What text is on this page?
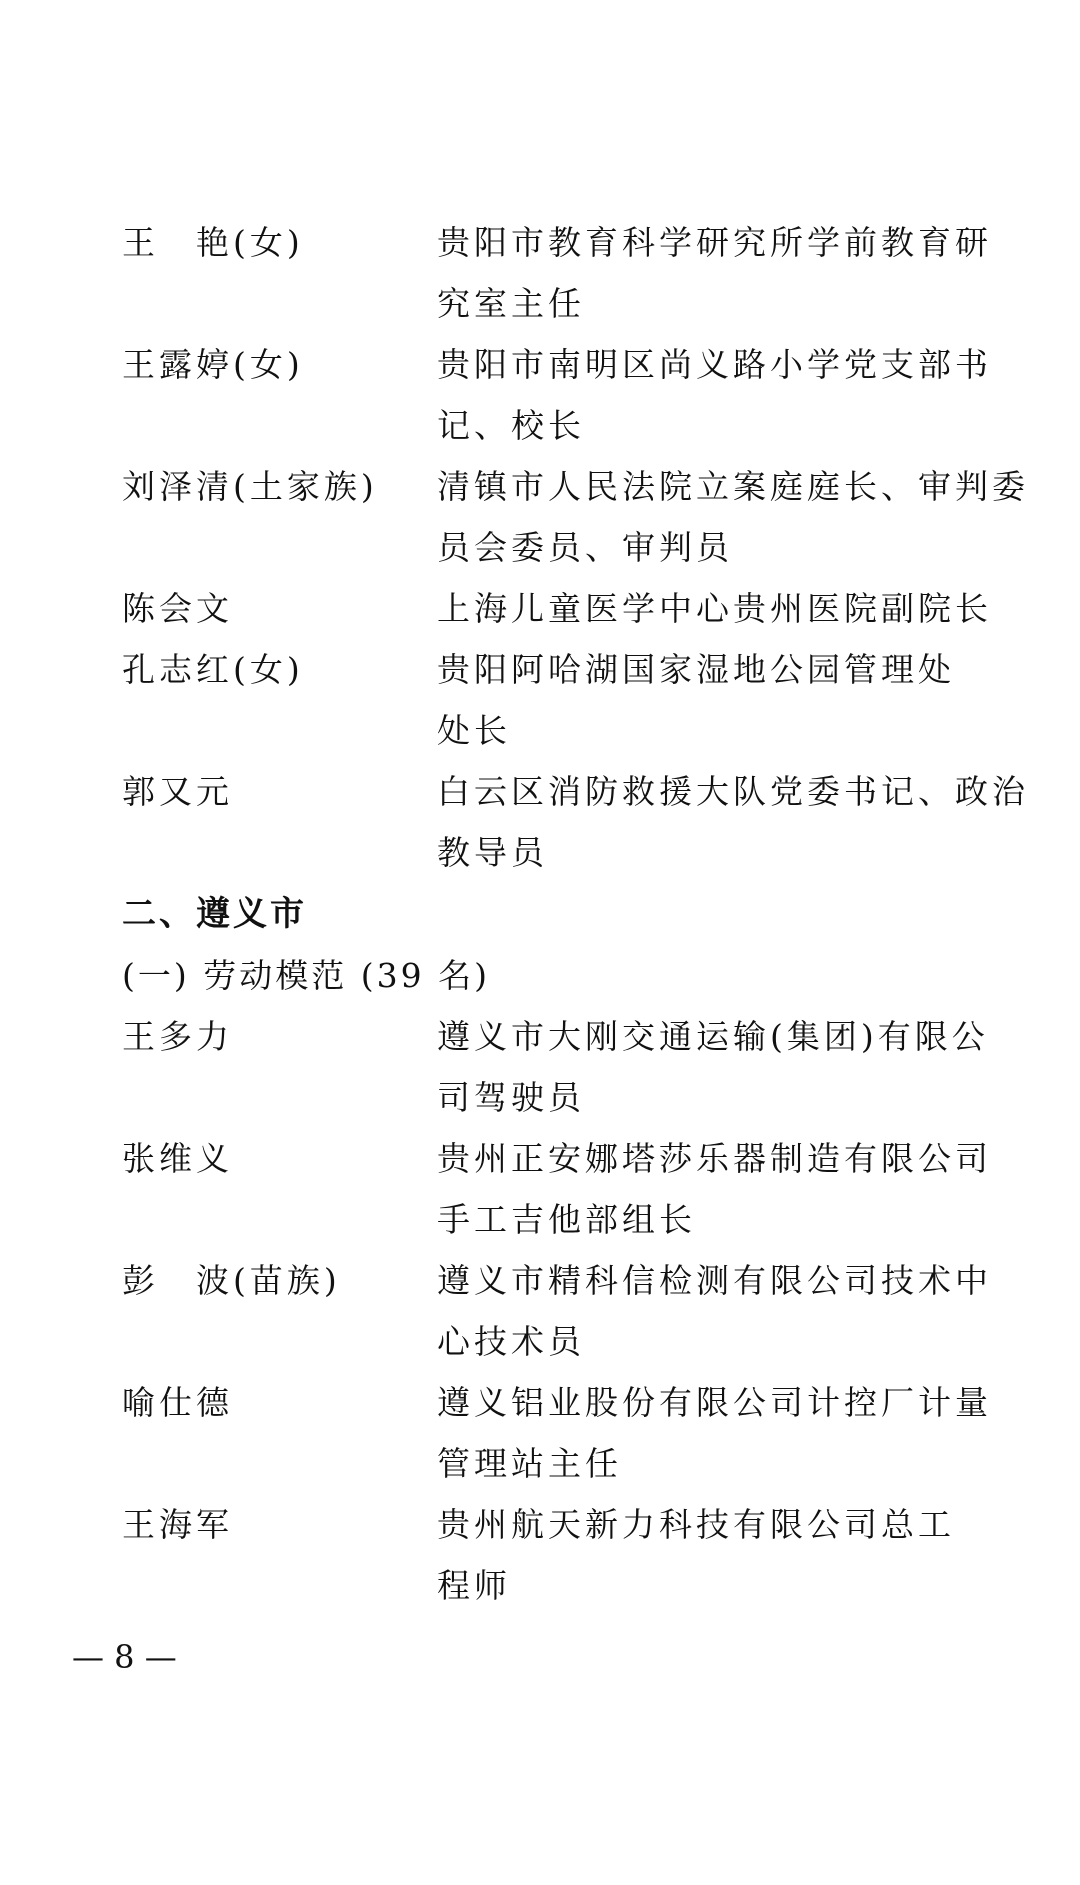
王　艳(女)	贵阳市教育科学研究所学前教育研
究室主任
王露婷(女)	贵阳市南明区尚义路小学党支部书
记、校长
刘泽清(土家族) 清镇市人民法院立案庭庭长、审判委
员会委员、审判员
陈会文	上海儿童医学中心贵州医院副院长
孔志红(女)	贵阳阿哈湖国家湿地公园管理处
处长
郭又元	白云区消防救援大队党委书记、政治
教导员
二、遵义市
(一) 劳动模范 (39 名)
王多力	遵义市大刚交通运输(集团)有限公
司驾驶员
张维义	贵州正安娜塔莎乐器制造有限公司
手工吉他部组长
彭　波(苗族)	遵义市精科信检测有限公司技术中
心技术员
喻仕德	遵义铝业股份有限公司计控厂计量
管理站主任
王海军	贵州航天新力科技有限公司总工
程师
— 8 —
